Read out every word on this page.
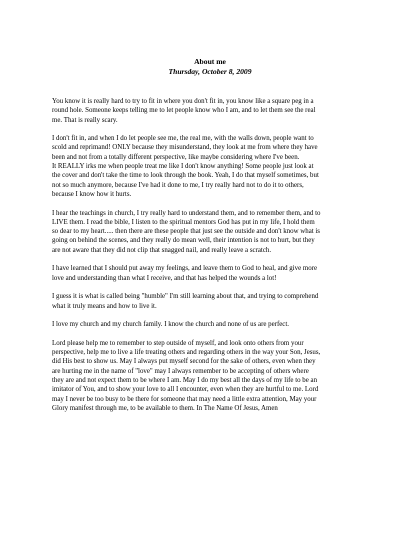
About me

Thursday, October 8, 2009

You know it is really hard to try to fit in where you don't fit in, you know like a square peg in a
round hole. Someone keeps telling me to let people know who I am, and to let them see the real
me. That is really scary.

I don't fit in, and when I do let people see me, the real me, with the walls down, people want to
scold and reprimand! ONLY because they misunderstand, they look at me from where they have
been and not from a totally different perspective, like maybe considering where I've been.
It REALLY irks me when people treat me like I don't know anything! Some people just look at
the cover and don't take the time to look through the book. Yeah, I do that myself sometimes, but
not so much anymore, because I've had it done to me, I try really hard not to do it to others,
because I know how it hurts.

I hear the teachings in church, I try really hard to understand them, and to remember them, and to
LIVE them. I read the bible, I listen to the spiritual mentors God has put in my life, I hold them
so dear to my heart..... then there are these people that just see the outside and don't know what is
going on behind the scenes, and they really do mean well, their intention is not to hurt, but they
are not aware that they did not clip that snagged nail, and really leave a scratch.

I have learned that I should put away my feelings, and leave them to God to heal, and give more
love and understanding than what I receive, and that has helped the wounds a lot!

I guess it is what is called being "humble" I'm still learning about that, and trying to comprehend
what it truly means and how to live it.

I love my church and my church family. I know the church and none of us are perfect.

Lord please help me to remember to step outside of myself, and look onto others from your
perspective, help me to live a life treating others and regarding others in the way your Son, Jesus,
did His best to show us. May I always put myself second for the sake of others, even when they
are hurting me in the name of "love" may I always remember to be accepting of others where
they are and not expect them to be where I am. May I do my best all the days of my life to be an
imitator of You, and to show your love to all I encounter, even when they are hurtful to me. Lord
may I never be too busy to be there for someone that may need a little extra attention, May your
Glory manifest through me, to be available to them. In The Name Of Jesus, Amen
